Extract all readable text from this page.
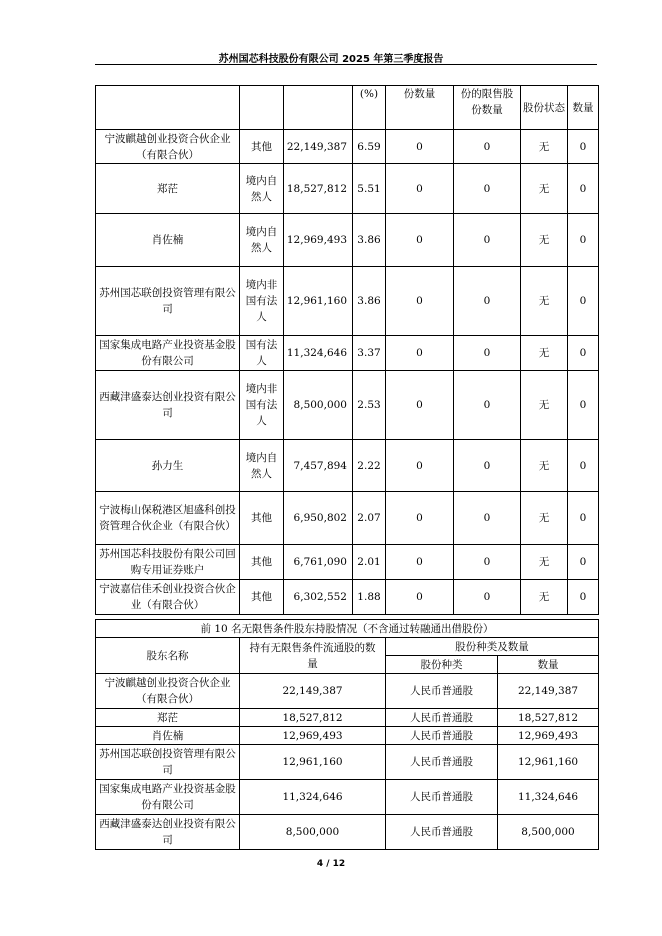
苏州国芯科技股份有限公司 2025 年第三季度报告
			(%)	份数量	份的限售股份数量	股份状态	数量
宁波麒越创业投资合伙企业（有限合伙）	其他	22,149,387	6.59	0	0	无	0
郑茫	境内自然人	18,527,812	5.51	0	0	无	0
肖佐楠	境内自然人	12,969,493	3.86	0	0	无	0
苏州国芯联创投资管理有限公司	境内非国有法人	12,961,160	3.86	0	0	无	0
国家集成电路产业投资基金股份有限公司	国有法人	11,324,646	3.37	0	0	无	0
西藏津盛泰达创业投资有限公司	境内非国有法人	8,500,000	2.53	0	0	无	0
孙力生	境内自然人	7,457,894	2.22	0	0	无	0
宁波梅山保税港区旭盛科创投资管理合伙企业（有限合伙）	其他	6,950,802	2.07	0	0	无	0
苏州国芯科技股份有限公司回购专用证券账户	其他	6,761,090	2.01	0	0	无	0
宁波嘉信佳禾创业投资合伙企业（有限合伙）	其他	6,302,552	1.88	0	0	无	0
前 10 名无限售条件股东持股情况（不含通过转融通出借股份）			
股东名称	持有无限售条件流通股的数量	股份种类及数量	
		股份种类	数量
宁波麒越创业投资合伙企业（有限合伙）	22,149,387	人民币普通股	22,149,387
郑茫	18,527,812	人民币普通股	18,527,812
肖佐楠	12,969,493	人民币普通股	12,969,493
苏州国芯联创投资管理有限公司	12,961,160	人民币普通股	12,961,160
国家集成电路产业投资基金股份有限公司	11,324,646	人民币普通股	11,324,646
西藏津盛泰达创业投资有限公司	8,500,000	人民币普通股	8,500,000
4 / 12
